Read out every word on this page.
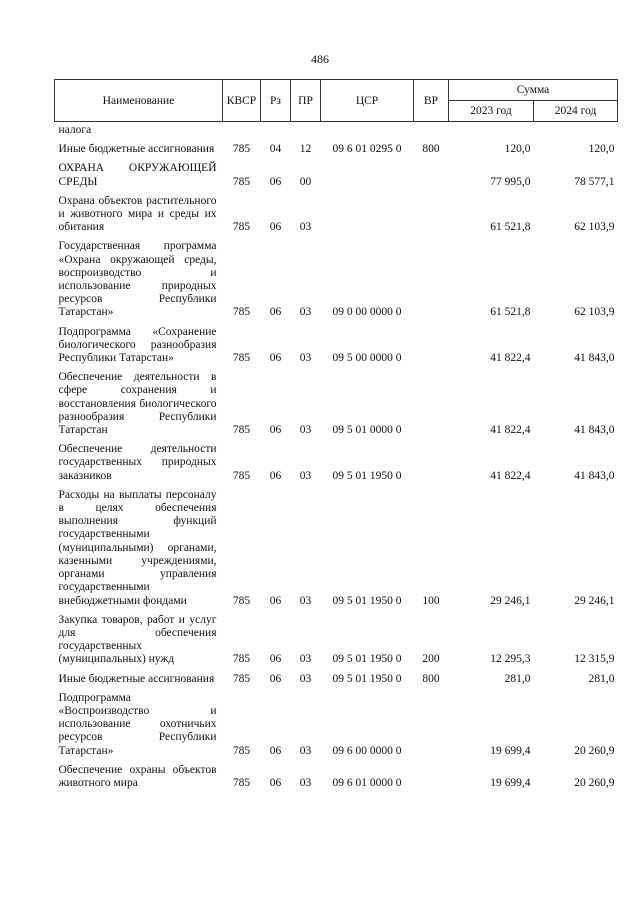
486
Наименование	КВСР	Рз	ПР	ЦСР	ВР	Сумма	
						2023 год	2024 год
налога							
Иные бюджетные ассигнования	785	04	12	09 6 01 0295 0	800	120,0	120,0
ОХРАНА ОКРУЖАЮЩЕЙ СРЕДЫ	785	06	00			77 995,0	78 577,1
Охрана объектов растительного и животного мира и среды их обитания	785	06	03			61 521,8	62 103,9
Государственная программа «Охрана окружающей среды, воспроизводство и использование природных ресурсов Республики Татарстан»	785	06	03	09 0 00 0000 0		61 521,8	62 103,9
Подпрограмма «Сохранение биологического разнообразия Республики Татарстан»	785	06	03	09 5 00 0000 0		41 822,4	41 843,0
Обеспечение деятельности в сфере сохранения и восстановления биологического разнообразия Республики Татарстан	785	06	03	09 5 01 0000 0		41 822,4	41 843,0
Обеспечение деятельности государственных природных заказников	785	06	03	09 5 01 1950 0		41 822,4	41 843,0
Расходы на выплаты персоналу в целях обеспечения выполнения функций государственными (муниципальными) органами, казенными учреждениями, органами управления государственными внебюджетными фондами	785	06	03	09 5 01 1950 0	100	29 246,1	29 246,1
Закупка товаров, работ и услуг для обеспечения государственных (муниципальных) нужд	785	06	03	09 5 01 1950 0	200	12 295,3	12 315,9
Иные бюджетные ассигнования	785	06	03	09 5 01 1950 0	800	281,0	281,0
Подпрограмма «Воспроизводство и использование охотничьих ресурсов Республики Татарстан»	785	06	03	09 6 00 0000 0		19 699,4	20 260,9
Обеспечение охраны объектов животного мира	785	06	03	09 6 01 0000 0		19 699,4	20 260,9
